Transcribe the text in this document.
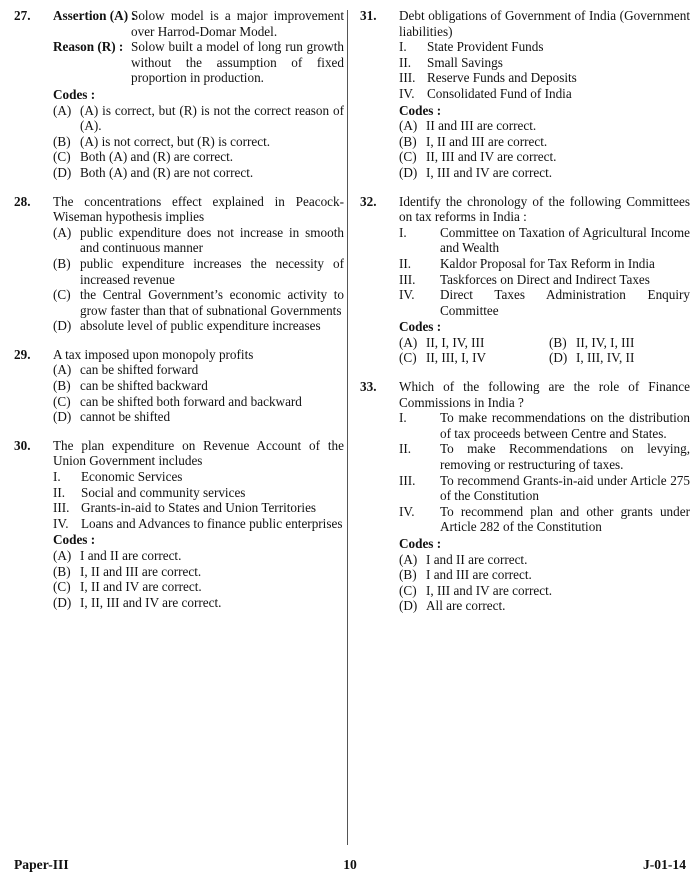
27. Assertion (A) :
Solow model is a major improvement over Harrod-Domar Model.
Reason (R) : Solow built a model of long run growth without the assumption of fixed proportion in production.
Codes :
(A) (A) is correct, but (R) is not the correct reason of (A).
(B) (A) is not correct, but (R) is correct.
(C) Both (A) and (R) are correct.
(D) Both (A) and (R) are not correct.
28. The concentrations effect explained in Peacock-Wiseman hypothesis implies
(A) public expenditure does not increase in smooth and continuous manner
(B) public expenditure increases the necessity of increased revenue
(C) the Central Government’s economic activity to grow faster than that of subnational Governments
(D) absolute level of public expenditure increases
29. A tax imposed upon monopoly profits
(A) can be shifted forward
(B) can be shifted backward
(C) can be shifted both forward and backward
(D) cannot be shifted
30. The plan expenditure on Revenue Account of the Union Government includes
I. Economic Services
II. Social and community services
III. Grants-in-aid to States and Union Territories
IV. Loans and Advances to finance public enterprises
Codes :
(A) I and II are correct.
(B) I, II and III are correct.
(C) I, II and IV are correct.
(D) I, II, III and IV are correct.
31. Debt obligations of Government of India (Government liabilities)
I. State Provident Funds
II. Small Savings
III. Reserve Funds and Deposits
IV. Consolidated Fund of India
Codes :
(A) II and III are correct.
(B) I, II and III are correct.
(C) II, III and IV are correct.
(D) I, III and IV are correct.
32. Identify the chronology of the following Committees on tax reforms in India :
I.	Committee on Taxation of Agricultural Income and Wealth
II. Kaldor Proposal for Tax Reform in India
III. Taskforces on Direct and Indirect Taxes
IV. Direct Taxes Administration Enquiry Committee
Codes :
(A) II, I, IV, III	(B) II, IV, I, III
(C) II, III, I, IV	(D) I, III, IV, II
33. Which of the following are the role of Finance Commissions in India ?
I.	To make recommendations on the distribution of tax proceeds between Centre and States.
II. To make Recommendations on levying, removing or restructuring of taxes.
III. To recommend Grants-in-aid under Article 275 of the Constitution
IV. To recommend plan and other grants under Article 282 of the Constitution
Codes :
(A) I and II are correct.
(B) I and III are correct.
(C) I, III and IV are correct.
(D) All are correct.
Paper-III	10	J-01-14
